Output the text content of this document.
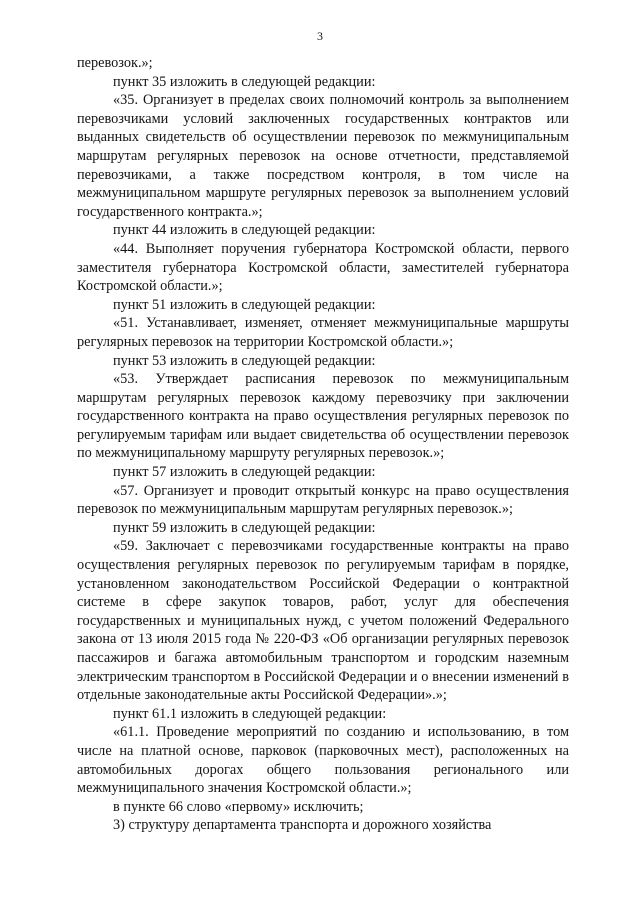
3

перевозок.»;

пункт 35 изложить в следующей редакции:

«35. Организует в пределах своих полномочий контроль за выполнением перевозчиками условий заключенных государственных контрактов или выданных свидетельств об осуществлении перевозок по межмуниципальным маршрутам регулярных перевозок на основе отчетности, представляемой перевозчиками, а также посредством контроля, в том числе на межмуниципальном маршруте регулярных перевозок за выполнением условий государственного контракта.»;

пункт 44 изложить в следующей редакции:

«44. Выполняет поручения губернатора Костромской области, первого заместителя губернатора Костромской области, заместителей губернатора Костромской области.»;

пункт 51 изложить в следующей редакции:

«51. Устанавливает, изменяет, отменяет межмуниципальные маршруты регулярных перевозок на территории Костромской области.»;

пункт 53 изложить в следующей редакции:

«53. Утверждает расписания перевозок по межмуниципальным маршрутам регулярных перевозок каждому перевозчику при заключении государственного контракта на право осуществления регулярных перевозок по регулируемым тарифам или выдает свидетельства об осуществлении перевозок по межмуниципальному маршруту регулярных перевозок.»;

пункт 57 изложить в следующей редакции:

«57. Организует и проводит открытый конкурс на право осуществления перевозок по межмуниципальным маршрутам регулярных перевозок.»;

пункт 59 изложить в следующей редакции:

«59. Заключает с перевозчиками государственные контракты на право осуществления регулярных перевозок по регулируемым тарифам в порядке, установленном законодательством Российской Федерации о контрактной системе в сфере закупок товаров, работ, услуг для обеспечения государственных и муниципальных нужд, с учетом положений Федерального закона от 13 июля 2015 года № 220-ФЗ «Об организации регулярных перевозок пассажиров и багажа автомобильным транспортом и городским наземным электрическим транспортом в Российской Федерации и о внесении изменений в отдельные законодательные акты Российской Федерации».»;

пункт 61.1 изложить в следующей редакции:

«61.1. Проведение мероприятий по созданию и использованию, в том числе на платной основе, парковок (парковочных мест), расположенных на автомобильных дорогах общего пользования регионального или межмуниципального значения Костромской области.»;

в пункте 66 слово «первому» исключить;

3) структуру департамента транспорта и дорожного хозяйства
